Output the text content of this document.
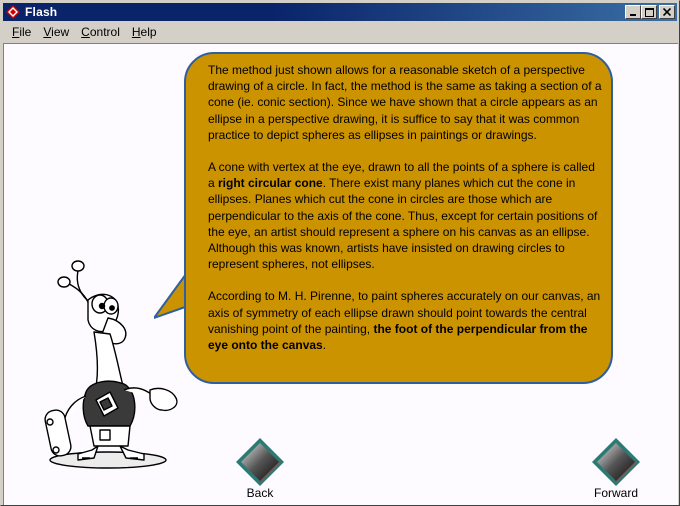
Flash
File	View	Control	Help

The method just shown allows for a reasonable sketch of a perspective drawing of a circle. In fact, the method is the same as taking a section of a cone (ie. conic section). Since we have shown that a circle appears as an ellipse in a perspective drawing, it is suffice to say that it was common practice to depict spheres as ellipses in paintings or drawings.

A cone with vertex at the eye, drawn to all the points of a sphere is called a right circular cone. There exist many planes which cut the cone in ellipses. Planes which cut the cone in circles are those which are perpendicular to the axis of the cone. Thus, except for certain positions of the eye, an artist should represent a sphere on his canvas as an ellipse. Although this was known, artists have insisted on drawing circles to represent spheres, not ellipses.

According to M. H. Pirenne, to paint spheres accurately on our canvas, an axis of symmetry of each ellipse drawn should point towards the central vanishing point of the painting, the foot of the perpendicular from the eye onto the canvas.

Back	Forward
